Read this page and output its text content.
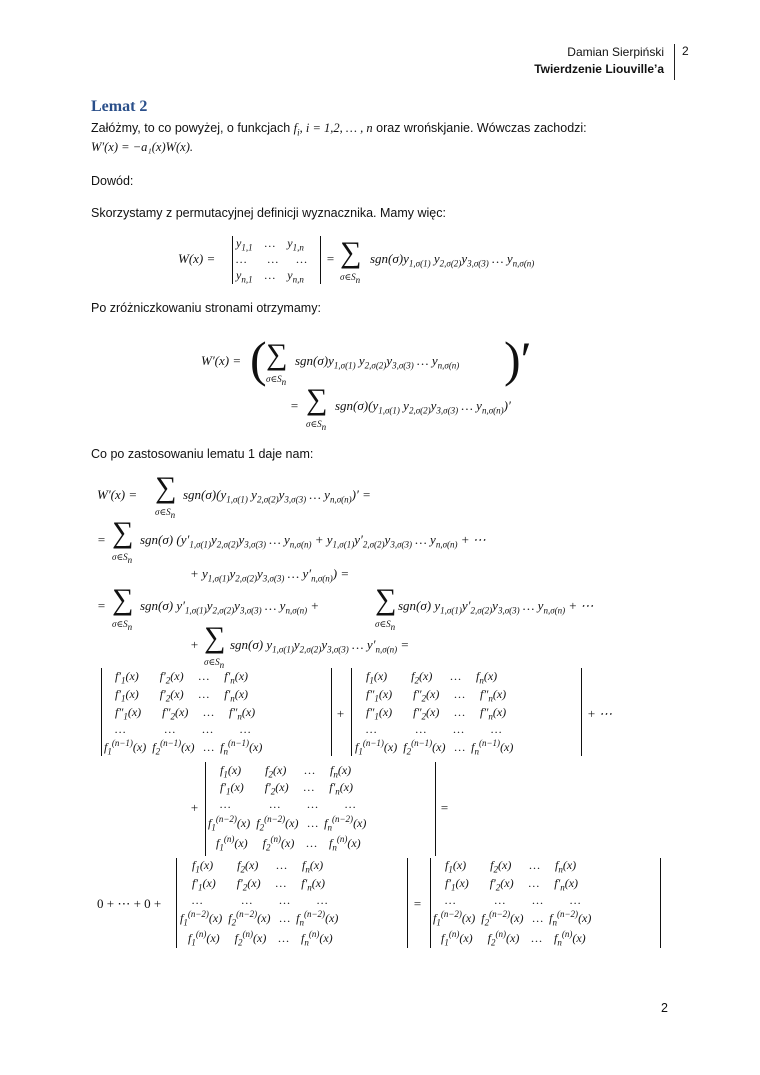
Damian Sierpiński
Twierdzenie Liouville’a
2
Lemat 2
Załóżmy, to co powyżej, o funkcjach $f_i$, i = 1,2, … , n oraz wrońskjanie. Wówczas zachodzi:
W′(x) = −a₁(x)W(x).
Dowód:
Skorzystamy z permutacyjnej definicji wyznacznika. Mamy więc:
W(x) =
$y_{1,1}$    …    $y_{1,n}$
…       …      …
$y_{n,1}$    …    $y_{n,n}$
= ∑
$\sigma\in S_n$
$sgn(\sigma)y_{1,\sigma(1)}$ $y_{2,\sigma(2)}y_{3,\sigma(3)}$ … $y_{n,\sigma(n)}$
Po zróżniczkowaniu stronami otrzymamy:
W′(x) = ( ∑
$\sigma\in S_n$
$sgn(\sigma)y_{1,\sigma(1)}$ $y_{2,\sigma(2)}y_{3,\sigma(3)}$ … $y_{n,\sigma(n)}$ )′
= ∑
$\sigma\in S_n$
$sgn(\sigma)(y_{1,\sigma(1)}$ $y_{2,\sigma(2)}y_{3,\sigma(3)}$ … $y_{n,\sigma(n)})'$
Co po zastosowaniu lematu 1 daje nam:
W′(x) = ∑
$\sigma\in S_n$
$sgn(\sigma)(y_{1,\sigma(1)}$ $y_{2,\sigma(2)}y_{3,\sigma(3)}$ … $y_{n,\sigma(n)})'$ =
= ∑
$\sigma\in S_n$
sgn(σ) ($y'_{1,\sigma(1)}y_{2,\sigma(2)}y_{3,\sigma(3)}$ … $y_{n,\sigma(n)} + y_{1,\sigma(1)}y'_{2,\sigma(2)}y_{3,\sigma(3)}$ … $y_{n,\sigma(n)}$ + ⋯
+ $y_{1,\sigma(1)}y_{2,\sigma(2)}y_{3,\sigma(3)}$ … $y'_{n,\sigma(n)}$) =
= ∑
$\sigma\in S_n$
sgn(σ) $y'_{1,\sigma(1)}y_{2,\sigma(2)}y_{3,\sigma(3)}$ … $y_{n,\sigma(n)}$ + ∑
$\sigma\in S_n$
sgn(σ) $y_{1,\sigma(1)}y'_{2,\sigma(2)}y_{3,\sigma(3)}$ … $y_{n,\sigma(n)}$ + ⋯
+ ∑
$\sigma\in S_n$
sgn(σ) $y_{1,\sigma(1)}y_{2,\sigma(2)}y_{3,\sigma(3)}$ … $y'_{n,\sigma(n)}$ =
$f'_1(x)$       $f'_2(x)$     …     $f'_n(x)$
$f'_1(x)$       $f'_2(x)$     …     $f'_n(x)$
$f''_1(x)$       $f''_2(x)$     …     $f''_n(x)$
…             …         …         …
$f_1^{(n-1)}(x)$  $f_2^{(n-1)}(x)$   …  $f_n^{(n-1)}(x)$
+
$f_1(x)$        $f_2(x)$      …     $f_n(x)$
$f''_1(x)$       $f''_2(x)$     …     $f''_n(x)$
$f''_1(x)$       $f''_2(x)$     …     $f''_n(x)$
…             …         …         …
$f_1^{(n-1)}(x)$  $f_2^{(n-1)}(x)$   …  $f_n^{(n-1)}(x)$
+ ⋯
+
$f_1(x)$        $f_2(x)$      …     $f_n(x)$
$f'_1(x)$       $f'_2(x)$     …     $f'_n(x)$
…             …         …         …
$f_1^{(n-2)}(x)$  $f_2^{(n-2)}(x)$   …  $f_n^{(n-2)}(x)$
$f_1^{(n)}(x)$     $f_2^{(n)}(x)$    …    $f_n^{(n)}(x)$
=
0 + ⋯ + 0 +
$f_1(x)$        $f_2(x)$      …     $f_n(x)$
$f'_1(x)$       $f'_2(x)$     …     $f'_n(x)$
…             …         …         …
$f_1^{(n-2)}(x)$  $f_2^{(n-2)}(x)$   …  $f_n^{(n-2)}(x)$
$f_1^{(n)}(x)$     $f_2^{(n)}(x)$    …    $f_n^{(n)}(x)$
=
$f_1(x)$        $f_2(x)$      …     $f_n(x)$
$f'_1(x)$       $f'_2(x)$     …     $f'_n(x)$
…             …         …         …
$f_1^{(n-2)}(x)$  $f_2^{(n-2)}(x)$   …  $f_n^{(n-2)}(x)$
$f_1^{(n)}(x)$     $f_2^{(n)}(x)$    …    $f_n^{(n)}(x)$
2
